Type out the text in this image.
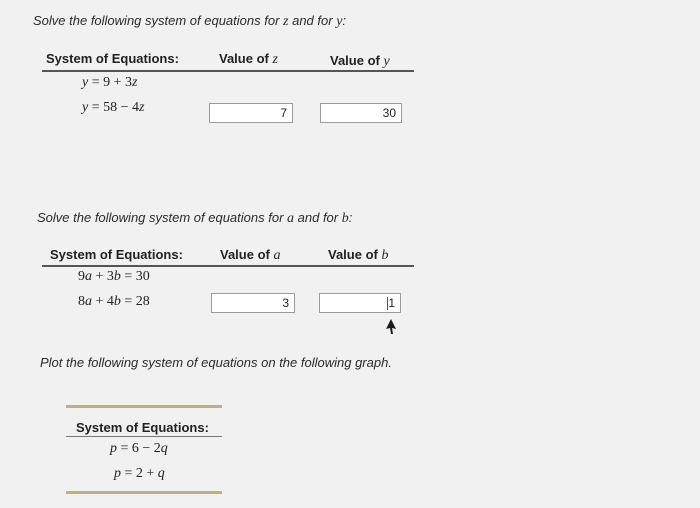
Solve the following system of equations for z and for y:
System of Equations:	Value of z	Value of y
y = 9 + 3z
y = 58 − 4z	7	30
Solve the following system of equations for a and for b:
System of Equations:	Value of a	Value of b
9a + 3b = 30
8a + 4b = 28	3	1
Plot the following system of equations on the following graph.
System of Equations:
p = 6 − 2q
p = 2 + q
